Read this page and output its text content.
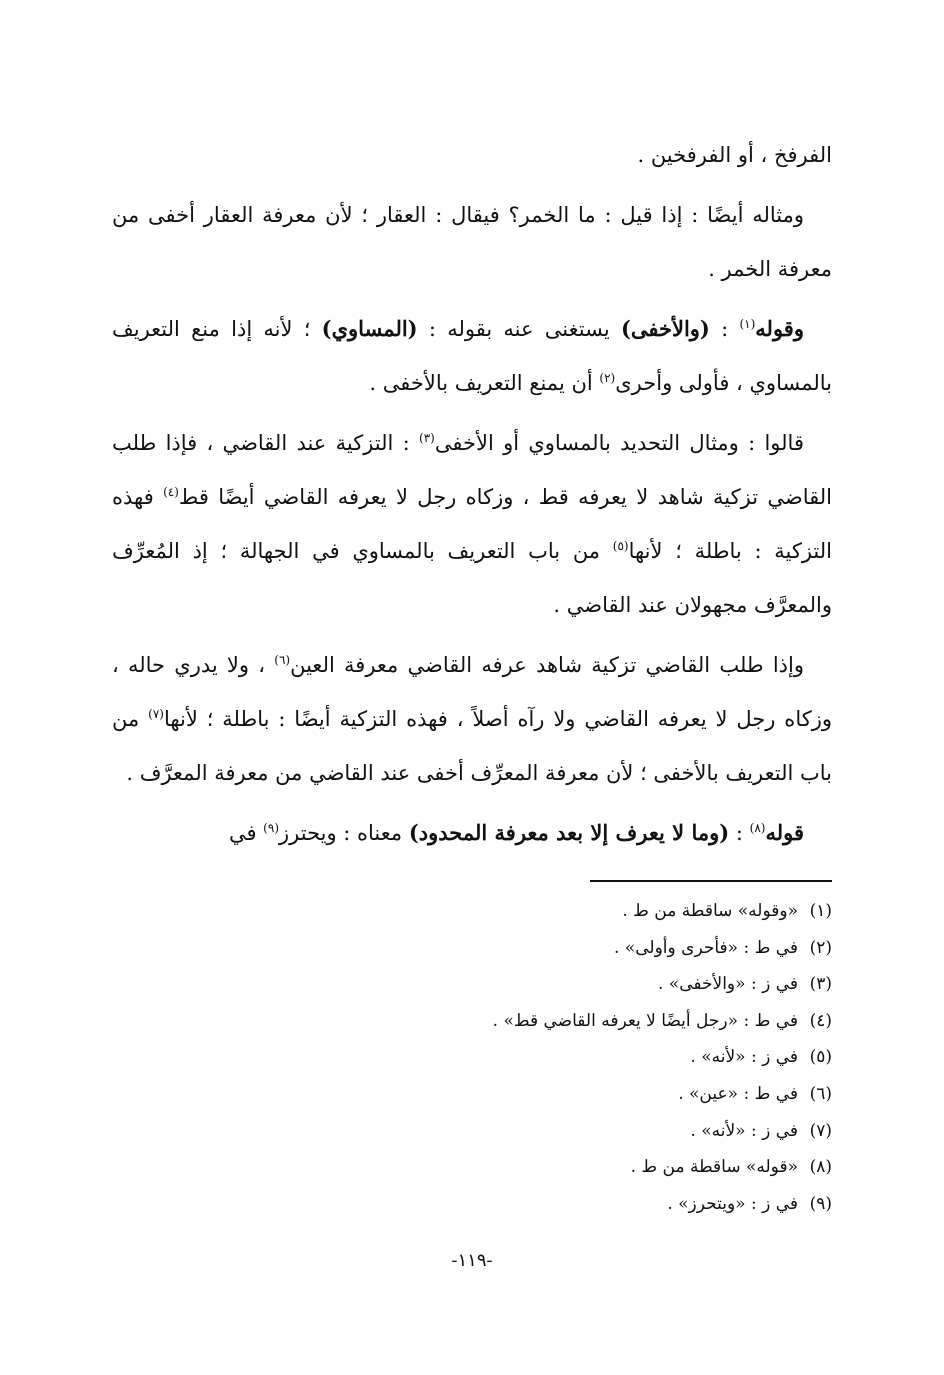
الفرفخ ، أو الفرفخين .

ومثاله أيضًا : إذا قيل : ما الخمر؟ فيقال : العقار ؛ لأن معرفة العقار أخفى من معرفة الخمر .

وقوله$^{(١)}$ : (والأخفى) يستغنى عنه بقوله : (المساوي) ؛ لأنه إذا منع التعريف بالمساوي ، فأولى وأحرى$^{(٢)}$ أن يمنع التعريف بالأخفى .

قالوا : ومثال التحديد بالمساوي أو الأخفى$^{(٣)}$ : التزكية عند القاضي ، فإذا طلب القاضي تزكية شاهد لا يعرفه قط ، وزكاه رجل لا يعرفه القاضي أيضًا قط$^{(٤)}$ فهذه التزكية : باطلة ؛ لأنها$^{(٥)}$ من باب التعريف بالمساوي في الجهالة ؛ إذ المُعرِّف والمعرَّف مجهولان عند القاضي .

وإذا طلب القاضي تزكية شاهد عرفه القاضي معرفة العين$^{(٦)}$ ، ولا يدري حاله ، وزكاه رجل لا يعرفه القاضي ولا رآه أصلاً ، فهذه التزكية أيضًا : باطلة ؛ لأنها$^{(٧)}$ من باب التعريف بالأخفى ؛ لأن معرفة المعرِّف أخفى عند القاضي من معرفة المعرَّف .

قوله$^{(٨)}$ : (وما لا يعرف إلا بعد معرفة المحدود) معناه : ويحترز$^{(٩)}$ في

(١)«وقوله» ساقطة من ط .
(٢)في ط : «فأحرى وأولى» .
(٣)في ز : «والأخفى» .
(٤)في ط : «رجل أيضًا لا يعرفه القاضي قط» .
(٥)في ز : «لأنه» .
(٦)في ط : «عين» .
(٧)في ز : «لأنه» .
(٨)«قوله» ساقطة من ط .
(٩)في ز : «ويتحرز» .
-١١٩-
